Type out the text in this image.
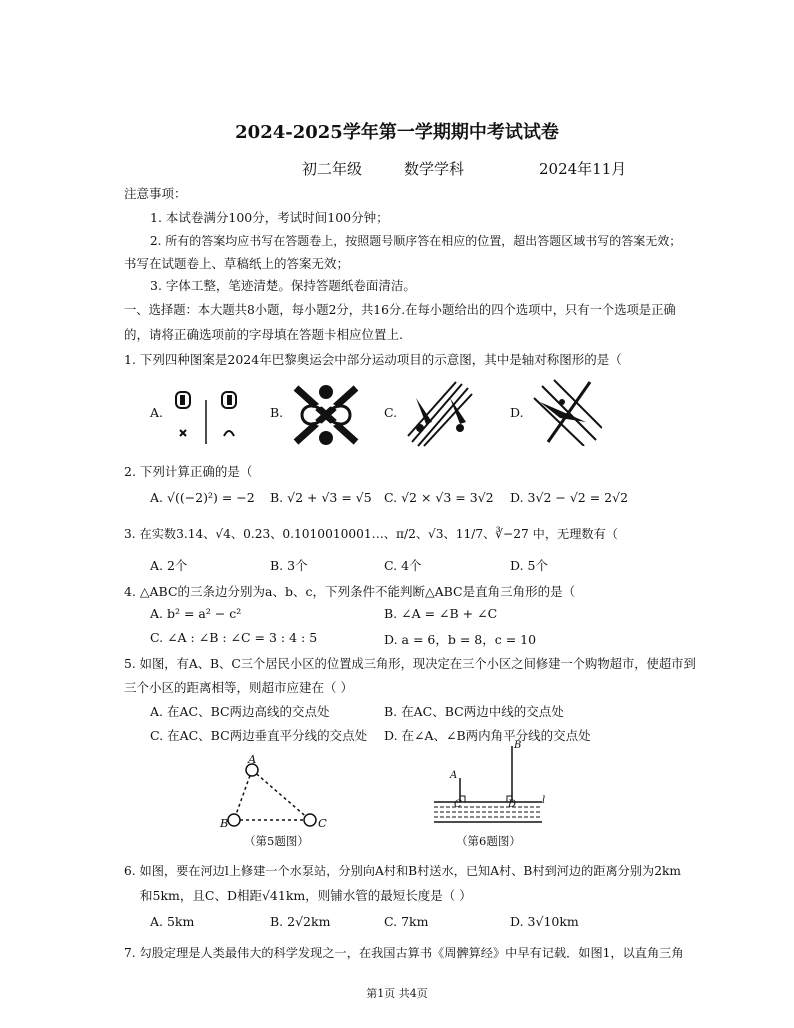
2024-2025学年第一学期期中考试试卷
初二年级	数学学科	2024年11月
注意事项：
1. 本试卷满分100分，考试时间100分钟；
2. 所有的答案均应书写在答题卷上，按照题号顺序答在相应的位置，超出答题区域书写的答案无效；
书写在试题卷上、草稿纸上的答案无效；
3. 字体工整，笔迹清楚。保持答题纸卷面清洁。
一、选择题：本大题共8小题，每小题2分，共16分.在每小题给出的四个选项中，只有一个选项是正确
的，请将正确选项前的字母填在答题卡相应位置上.
1. 下列四种图案是2024年巴黎奥运会中部分运动项目的示意图，其中是轴对称图形的是（
A.	B.	C.	D.
2. 下列计算正确的是（
A. √((−2)²) = −2 B. √2 + √3 = √5 C. √2 × √3 = 3√2 D. 3√2 − √2 = 2√2
3. 在实数3.14、√4、0.23、0.1010010001…、π/2、√3、11/7、∛−27 中，无理数有（
A. 2个	B. 3个	C. 4个	D. 5个
4. △ABC的三条边分别为a、b、c，下列条件不能判断△ABC是直角三角形的是（
A. b² = a² − c²	B. ∠A = ∠B + ∠C
C. ∠A : ∠B : ∠C = 3 : 4 : 5	D. a = 6，b = 8，c = 10
5. 如图，有A、B、C三个居民小区的位置成三角形，现决定在三个小区之间修建一个购物超市，使超市到
三个小区的距离相等，则超市应建在（ ）
A. 在AC、BC两边高线的交点处	B. 在AC、BC两边中线的交点处
C. 在AC、BC两边垂直平分线的交点处 D. 在∠A、∠B两内角平分线的交点处
A
B	C
（第5题图）
A
B
C	D	l
（第6题图）
6. 如图，要在河边l上修建一个水泵站，分别向A村和B村送水，已知A村、B村到河边的距离分别为2km
和5km，且C、D相距√41km，则铺水管的最短长度是（ ）
A. 5km	B. 2√2km	C. 7km	D. 3√10km
7. 勾股定理是人类最伟大的科学发现之一，在我国古算书《周髀算经》中早有记载．如图1，以直角三角
第1页 共4页
